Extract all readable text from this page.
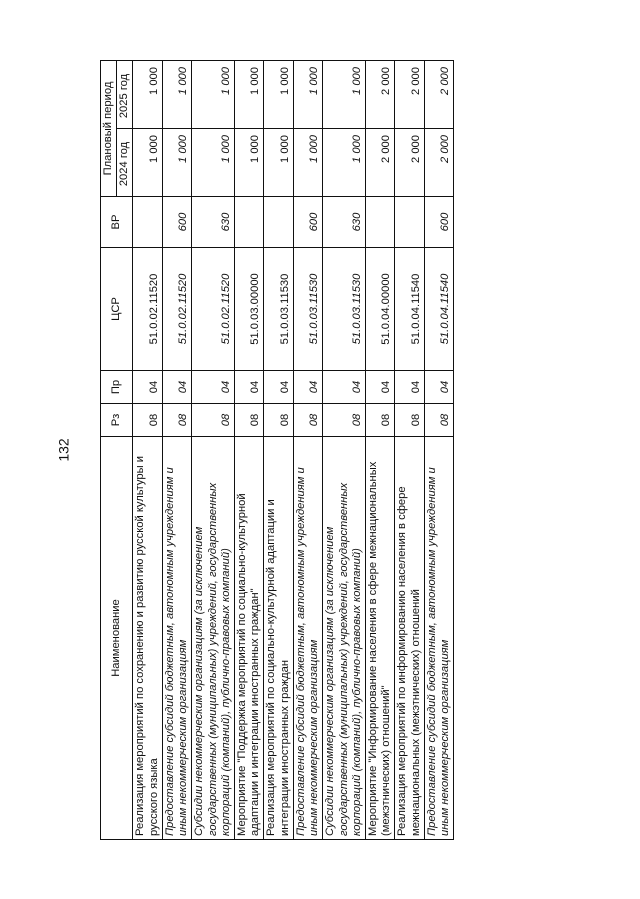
132
Наименование	Рз	Пр	ЦСР	ВР	Плановый период	
					2024 год	2025 год
Реализация мероприятий по сохранению и развитию русской культуры и русского языка	08	04	51.0.02.11520		1 000	1 000
Предоставление субсидий бюджетным, автономным учреждениям и иным некоммерческим организациям	08	04	51.0.02.11520	600	1 000	1 000
Субсидии некоммерческим организациям (за исключением государственных (муниципальных) учреждений, государственных корпораций (компаний), публично-правовых компаний)	08	04	51.0.02.11520	630	1 000	1 000
Мероприятие "Поддержка мероприятий по социально-культурной адаптации и интеграции иностранных граждан"	08	04	51.0.03.00000		1 000	1 000
Реализация мероприятий по социально-культурной адаптации и интеграции иностранных граждан	08	04	51.0.03.11530		1 000	1 000
Предоставление субсидий бюджетным, автономным учреждениям и иным некоммерческим организациям	08	04	51.0.03.11530	600	1 000	1 000
Субсидии некоммерческим организациям (за исключением государственных (муниципальных) учреждений, государственных корпораций (компаний), публично-правовых компаний)	08	04	51.0.03.11530	630	1 000	1 000
Мероприятие "Информирование населения в сфере межнациональных (межэтнических) отношений"	08	04	51.0.04.00000		2 000	2 000
Реализация мероприятий по информированию населения в сфере межнациональных (межэтнических) отношений	08	04	51.0.04.11540		2 000	2 000
Предоставление субсидий бюджетным, автономным учреждениям и иным некоммерческим организациям	08	04	51.0.04.11540	600	2 000	2 000
